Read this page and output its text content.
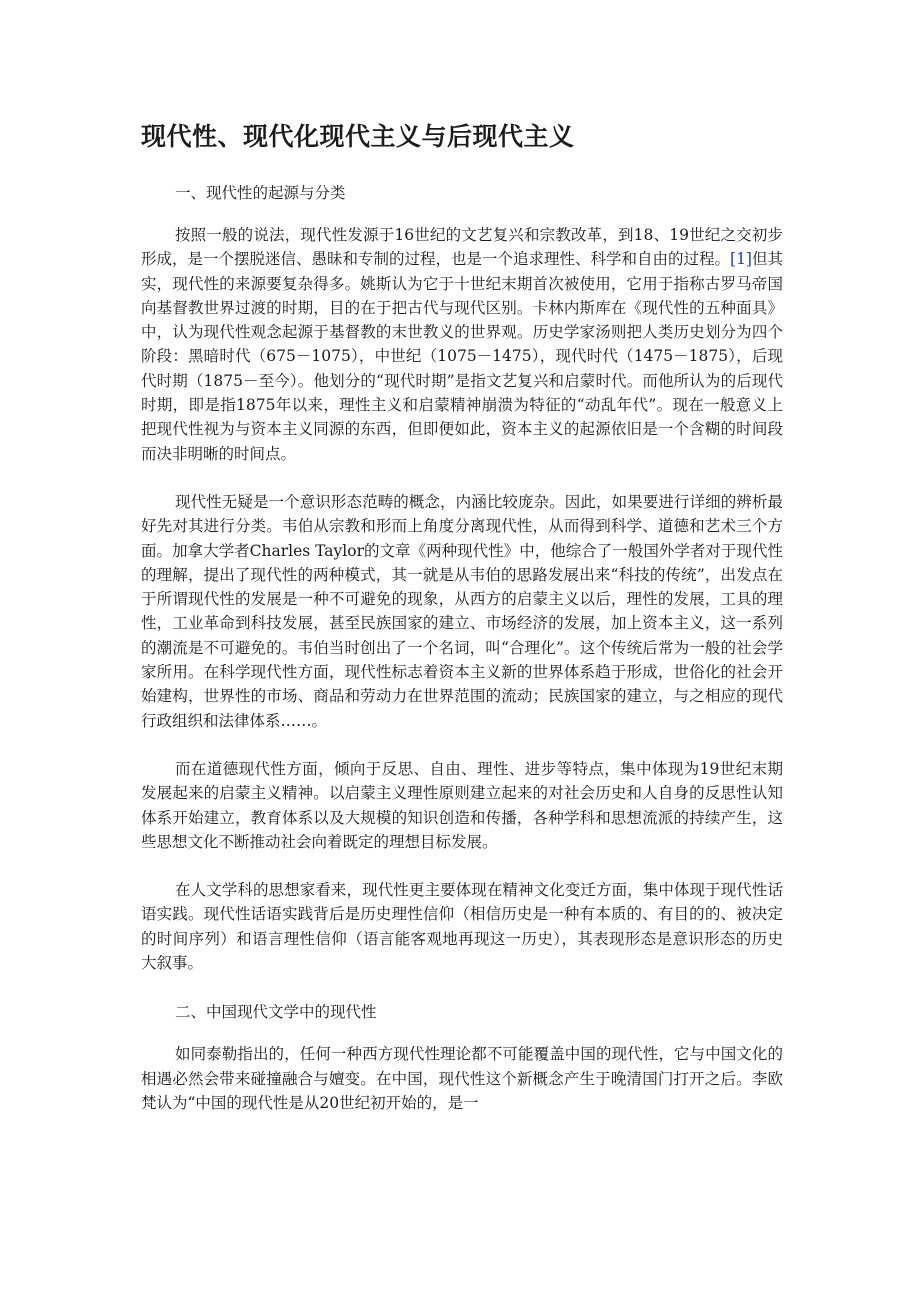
现代性、现代化现代主义与后现代主义

一、现代性的起源与分类

按照一般的说法，现代性发源于16世纪的文艺复兴和宗教改革，到18、19世纪之交初步形成，是一个摆脱迷信、愚昧和专制的过程，也是一个追求理性、科学和自由的过程。[1]但其实，现代性的来源要复杂得多。姚斯认为它于十世纪末期首次被使用，它用于指称古罗马帝国向基督教世界过渡的时期，目的在于把古代与现代区别。卡林内斯库在《现代性的五种面具》中，认为现代性观念起源于基督教的末世教义的世界观。历史学家汤则把人类历史划分为四个阶段：黑暗时代（675－1075），中世纪（1075－1475），现代时代（1475－1875），后现代时期（1875－至今）。他划分的“现代时期”是指文艺复兴和启蒙时代。而他所认为的后现代时期，即是指1875年以来，理性主义和启蒙精神崩溃为特征的“动乱年代”。现在一般意义上把现代性视为与资本主义同源的东西，但即便如此，资本主义的起源依旧是一个含糊的时间段而决非明晰的时间点。

现代性无疑是一个意识形态范畴的概念，内涵比较庞杂。因此，如果要进行详细的辨析最好先对其进行分类。韦伯从宗教和形而上角度分离现代性，从而得到科学、道德和艺术三个方面。加拿大学者Charles Taylor的文章《两种现代性》中，他综合了一般国外学者对于现代性的理解，提出了现代性的两种模式，其一就是从韦伯的思路发展出来“科技的传统”，出发点在于所谓现代性的发展是一种不可避免的现象，从西方的启蒙主义以后，理性的发展，工具的理性，工业革命到科技发展，甚至民族国家的建立、市场经济的发展，加上资本主义，这一系列的潮流是不可避免的。韦伯当时创出了一个名词，叫“合理化”。这个传统后常为一般的社会学家所用。在科学现代性方面，现代性标志着资本主义新的世界体系趋于形成，世俗化的社会开始建构，世界性的市场、商品和劳动力在世界范围的流动；民族国家的建立，与之相应的现代行政组织和法律体系……。

而在道德现代性方面，倾向于反思、自由、理性、进步等特点，集中体现为19世纪末期发展起来的启蒙主义精神。以启蒙主义理性原则建立起来的对社会历史和人自身的反思性认知体系开始建立，教育体系以及大规模的知识创造和传播，各种学科和思想流派的持续产生，这些思想文化不断推动社会向着既定的理想目标发展。

在人文学科的思想家看来，现代性更主要体现在精神文化变迁方面，集中体现于现代性话语实践。现代性话语实践背后是历史理性信仰（相信历史是一种有本质的、有目的的、被决定的时间序列）和语言理性信仰（语言能客观地再现这一历史），其表现形态是意识形态的历史大叙事。

二、中国现代文学中的现代性

如同泰勒指出的，任何一种西方现代性理论都不可能覆盖中国的现代性，它与中国文化的相遇必然会带来碰撞融合与嬗变。在中国，现代性这个新概念产生于晚清国门打开之后。李欧梵认为“中国的现代性是从20世纪初开始的，是一
